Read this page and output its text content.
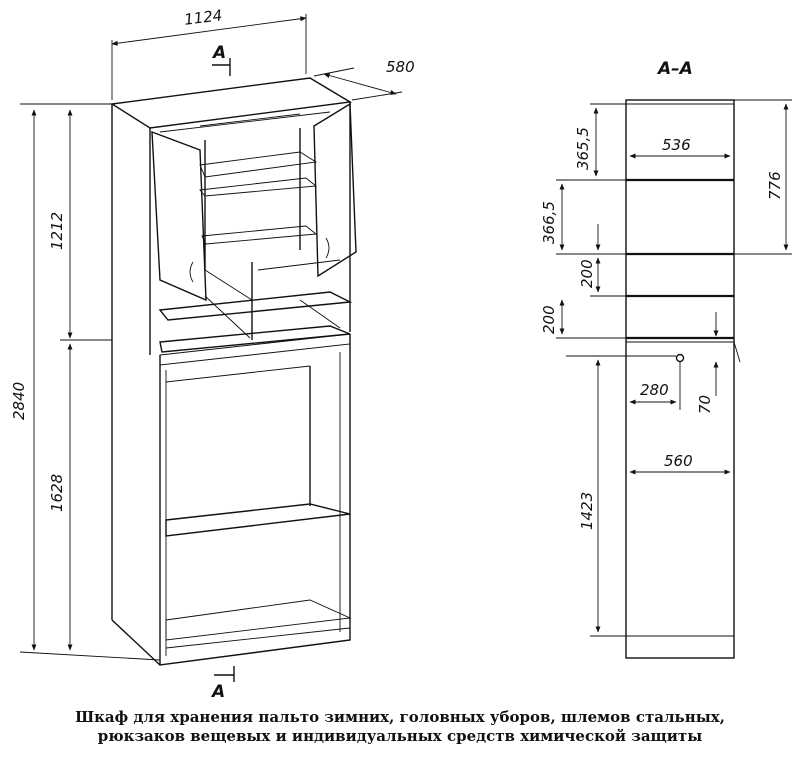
1124
580
A
A
2840
1212
1628
A–A
365,5	536
776
366,5
200
200
280
70
560
1423
Шкаф для хранения пальто зимних, головных уборов, шлемов стальных,
рюкзаков вещевых и индивидуальных средств химической защиты
